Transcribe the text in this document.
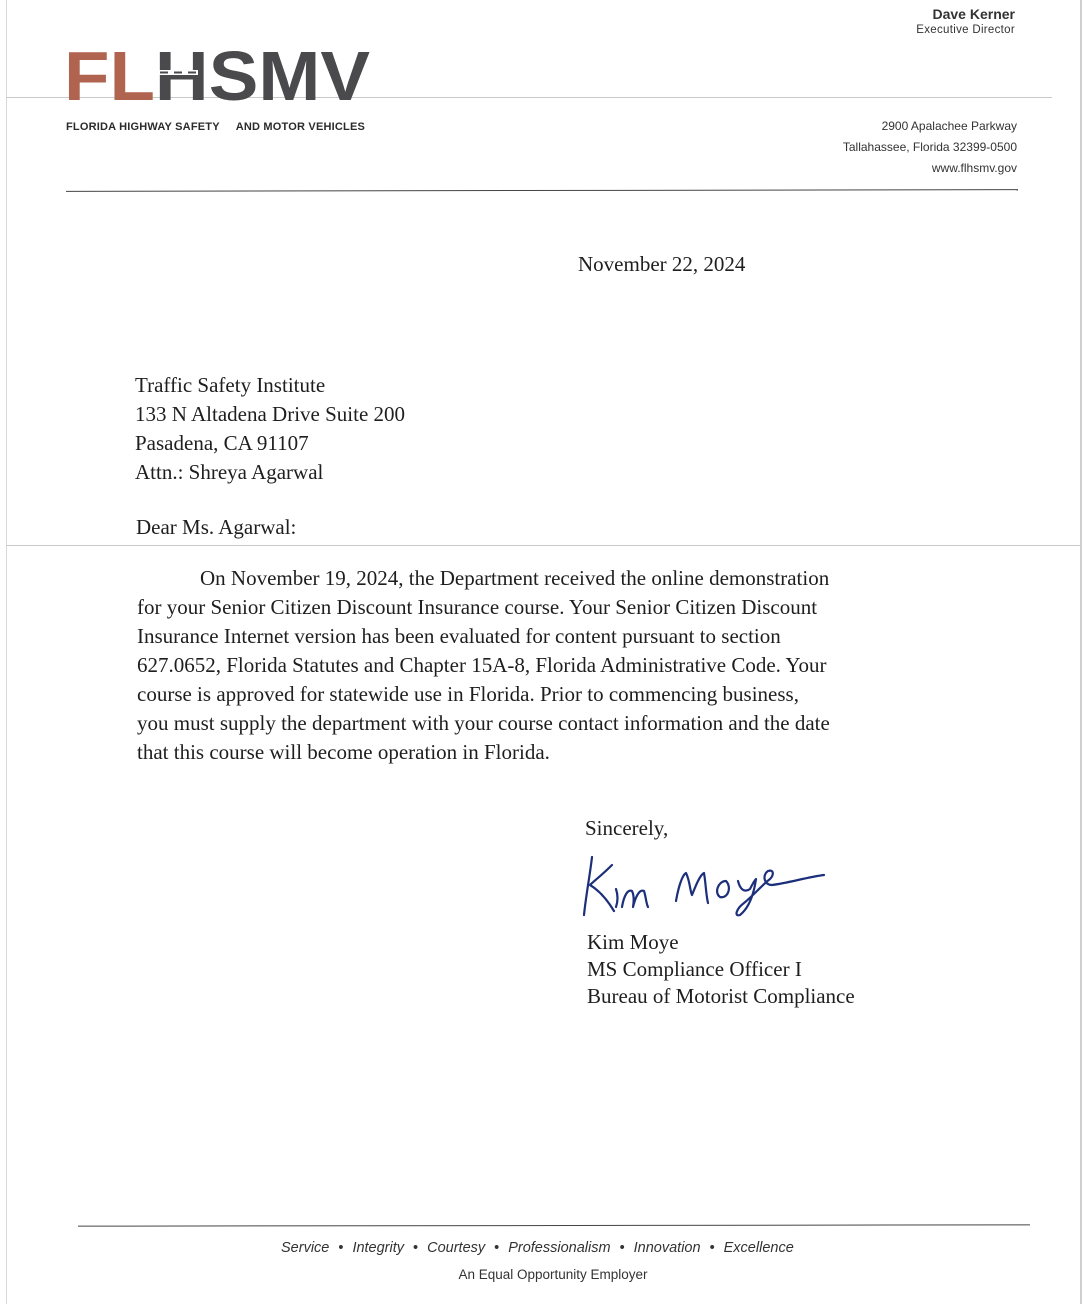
FLHSMV
FLORIDA HIGHWAY SAFETY AND MOTOR VEHICLES
Dave Kerner
Executive Director
2900 Apalachee Parkway
Tallahassee, Florida 32399-0500
www.flhsmv.gov
November 22, 2024
Traffic Safety Institute
133 N Altadena Drive Suite 200
Pasadena, CA 91107
Attn.: Shreya Agarwal
Dear Ms. Agarwal:
On November 19, 2024, the Department received the online demonstration
for your Senior Citizen Discount Insurance course. Your Senior Citizen Discount
Insurance Internet version has been evaluated for content pursuant to section
627.0652, Florida Statutes and Chapter 15A-8, Florida Administrative Code. Your
course is approved for statewide use in Florida. Prior to commencing business,
you must supply the department with your course contact information and the date
that this course will become operation in Florida.
Sincerely,
Kim Moye
MS Compliance Officer I
Bureau of Motorist Compliance
Service • Integrity • Courtesy • Professionalism • Innovation • Excellence
An Equal Opportunity Employer
